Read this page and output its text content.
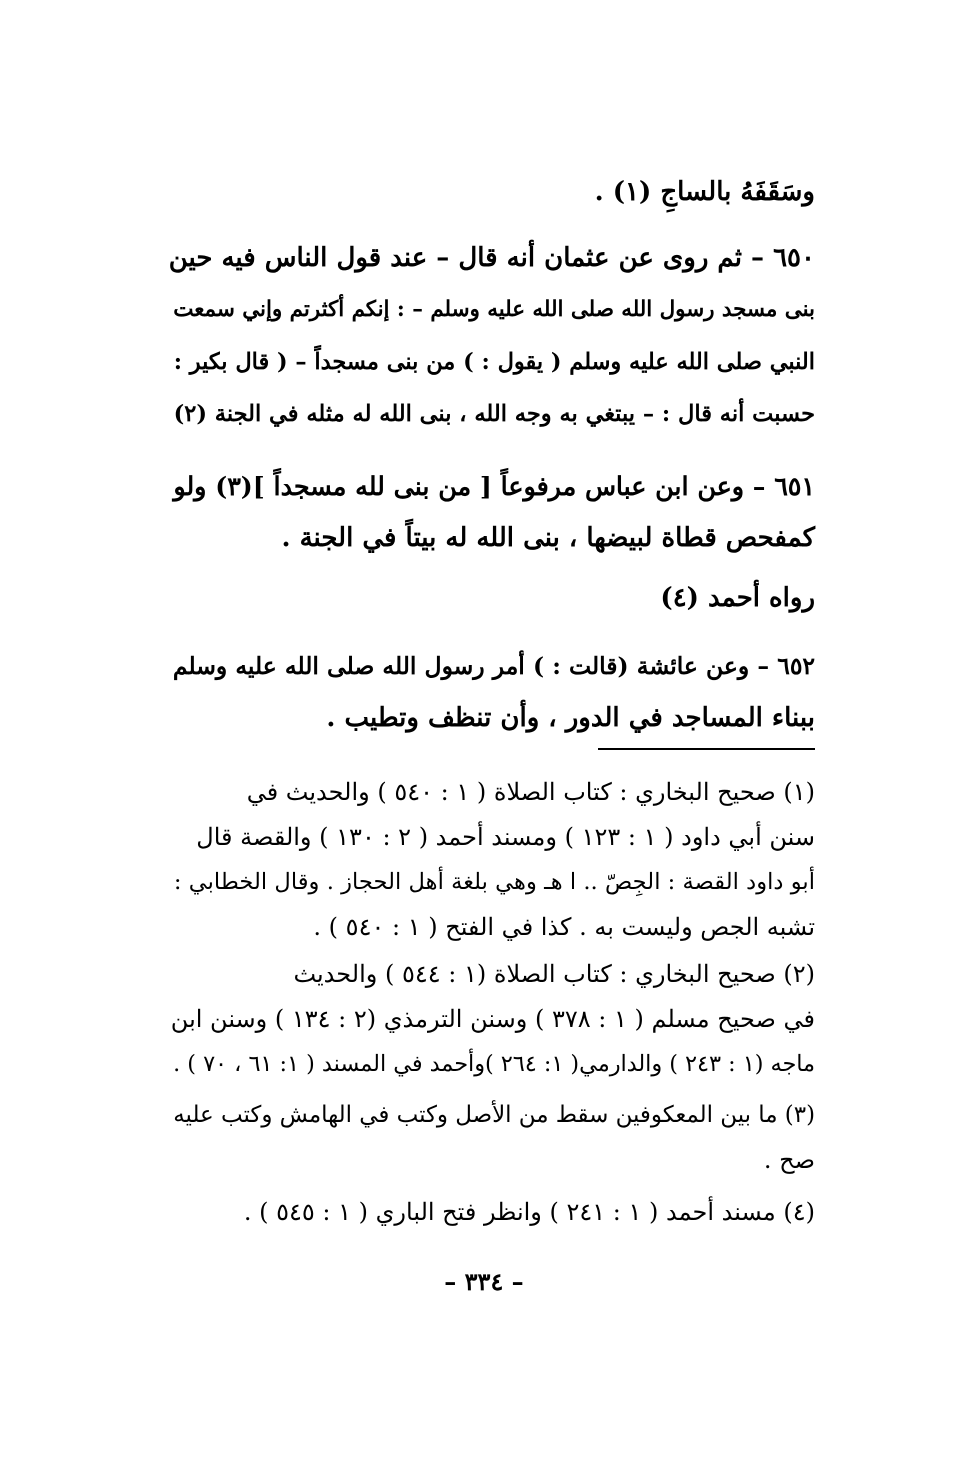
وسَقَفَهُ بالساجِ (١) .
٦٥٠ – ثم روى عن عثمان أنه قال – عند قول الناس فيه حين
بنى مسجد رسول الله صلى الله عليه وسلم – : إنكم أكثرتم وإني سمعت
النبي صلى الله عليه وسلم ( يقول : ) من بنى مسجداً – ( قال بكير :
حسبت أنه قال : – يبتغي به وجه الله ، بنى الله له مثله في الجنة (٢)
٦٥١ – وعن ابن عباس مرفوعاً [ من بنى لله مسجداً ](٣) ولو
كمفحص قطاة لبيضها ، بنى الله له بيتاً في الجنة .
رواه أحمد (٤)
٦٥٢ – وعن عائشة (قالت : ) أمر رسول الله صلى الله عليه وسلم
ببناء المساجد في الدور ، وأن تنظف وتطيب .
(١) صحيح البخاري : كتاب الصلاة ( ١ : ٥٤٠ ) والحديث في
سنن أبي داود ( ١ : ١٢٣ ) ومسند أحمد ( ٢ : ١٣٠ ) والقصة قال
أبو داود القصة : الجِصّ .. ا هـ وهي بلغة أهل الحجاز . وقال الخطابي :
تشبه الجص وليست به . كذا في الفتح ( ١ : ٥٤٠ ) .
(٢) صحيح البخاري : كتاب الصلاة (١ : ٥٤٤ ) والحديث
في صحيح مسلم ( ١ : ٣٧٨ ) وسنن الترمذي (٢ : ١٣٤ ) وسنن ابن
ماجه (١ : ٢٤٣ ) والدارمي( ١: ٢٦٤ )وأحمد في المسند ( ١: ٦١ ، ٧٠ ) .
(٣) ما بين المعكوفين سقط من الأصل وكتب في الهامش وكتب عليه
صح .
(٤) مسند أحمد ( ١ : ٢٤١ ) وانظر فتح الباري ( ١ : ٥٤٥ ) .
– ٣٣٤ –
